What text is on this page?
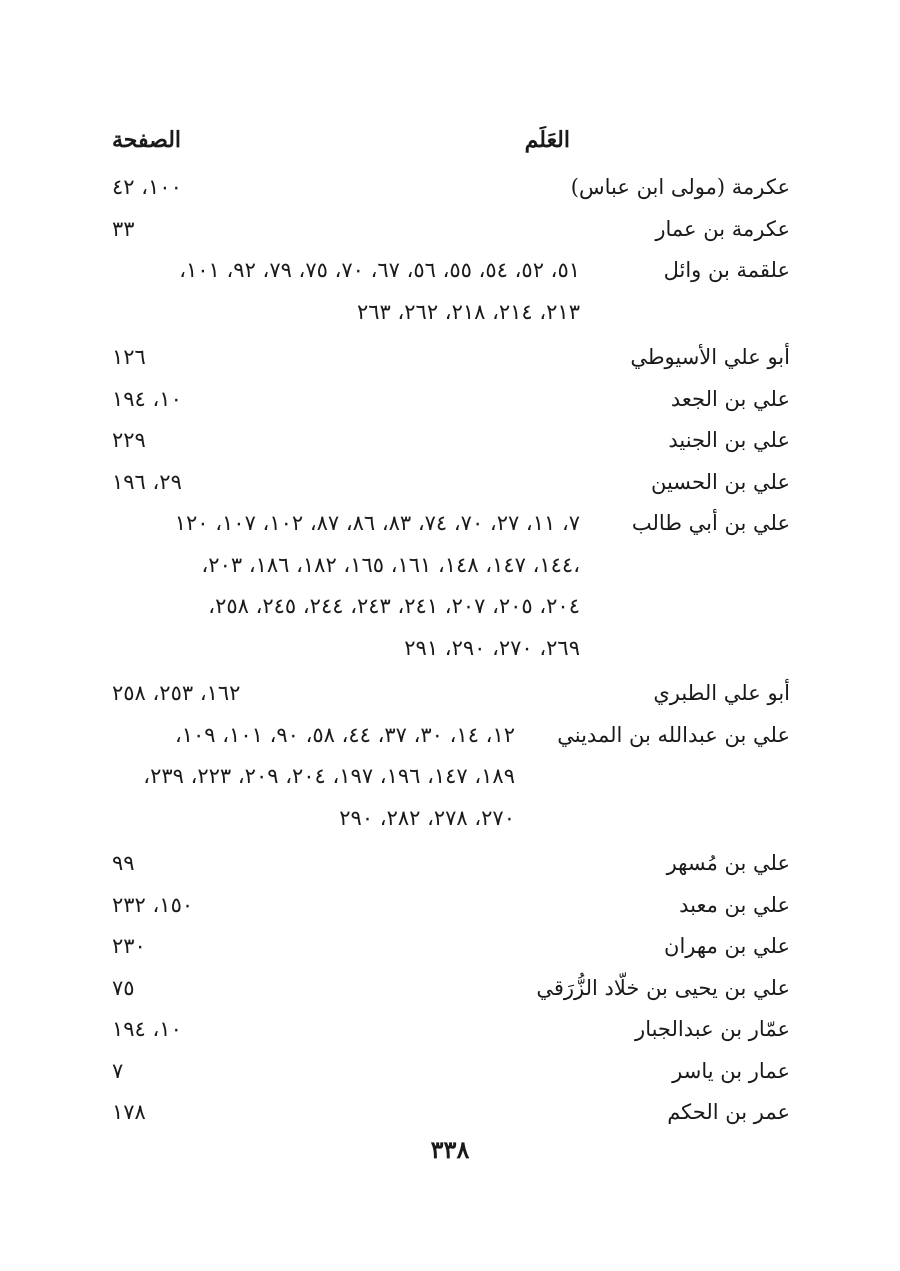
العَلَم
الصفحة
عكرمة (مولى ابن عباس)
١٠٠، ٤٢
عكرمة بن عمار
٣٣
علقمة بن وائل
٥١، ٥٢، ٥٤، ٥٥، ٥٦، ٦٧، ٧٠، ٧٥، ٧٩، ٩٢، ١٠١،
٢١٣، ٢١٤، ٢١٨، ٢٦٢، ٢٦٣
أبو علي الأسيوطي
١٢٦
علي بن الجعد
١٠، ١٩٤
علي بن الجنيد
٢٢٩
علي بن الحسين
٢٩، ١٩٦
علي بن أبي طالب
٧، ١١، ٢٧، ٧٠، ٧٤، ٨٣، ٨٦، ٨٧، ١٠٢، ١٠٧، ١٢٠
،١٤٤، ١٤٧، ١٤٨، ١٦١، ١٦٥، ١٨٢، ١٨٦، ٢٠٣،
٢٠٤، ٢٠٥، ٢٠٧، ٢٤١، ٢٤٣، ٢٤٤، ٢٤٥، ٢٥٨،
٢٦٩، ٢٧٠، ٢٩٠، ٢٩١
أبو علي الطبري
١٦٢، ٢٥٣، ٢٥٨
علي بن عبدالله بن المديني
١٢، ١٤، ٣٠، ٣٧، ٤٤، ٥٨، ٩٠، ١٠١، ١٠٩،
١٨٩، ١٤٧، ١٩٦، ١٩٧، ٢٠٤، ٢٠٩، ٢٢٣، ٢٣٩،
٢٧٠، ٢٧٨، ٢٨٢، ٢٩٠
علي بن مُسهر
٩٩
علي بن معبد
١٥٠، ٢٣٢
علي بن مهران
٢٣٠
علي بن يحيى بن خلّاد الزُّرَقي
٧٥
عمّار بن عبدالجبار
١٠، ١٩٤
عمار بن ياسر
٧
عمر بن الحكم
١٧٨
٣٣٨
